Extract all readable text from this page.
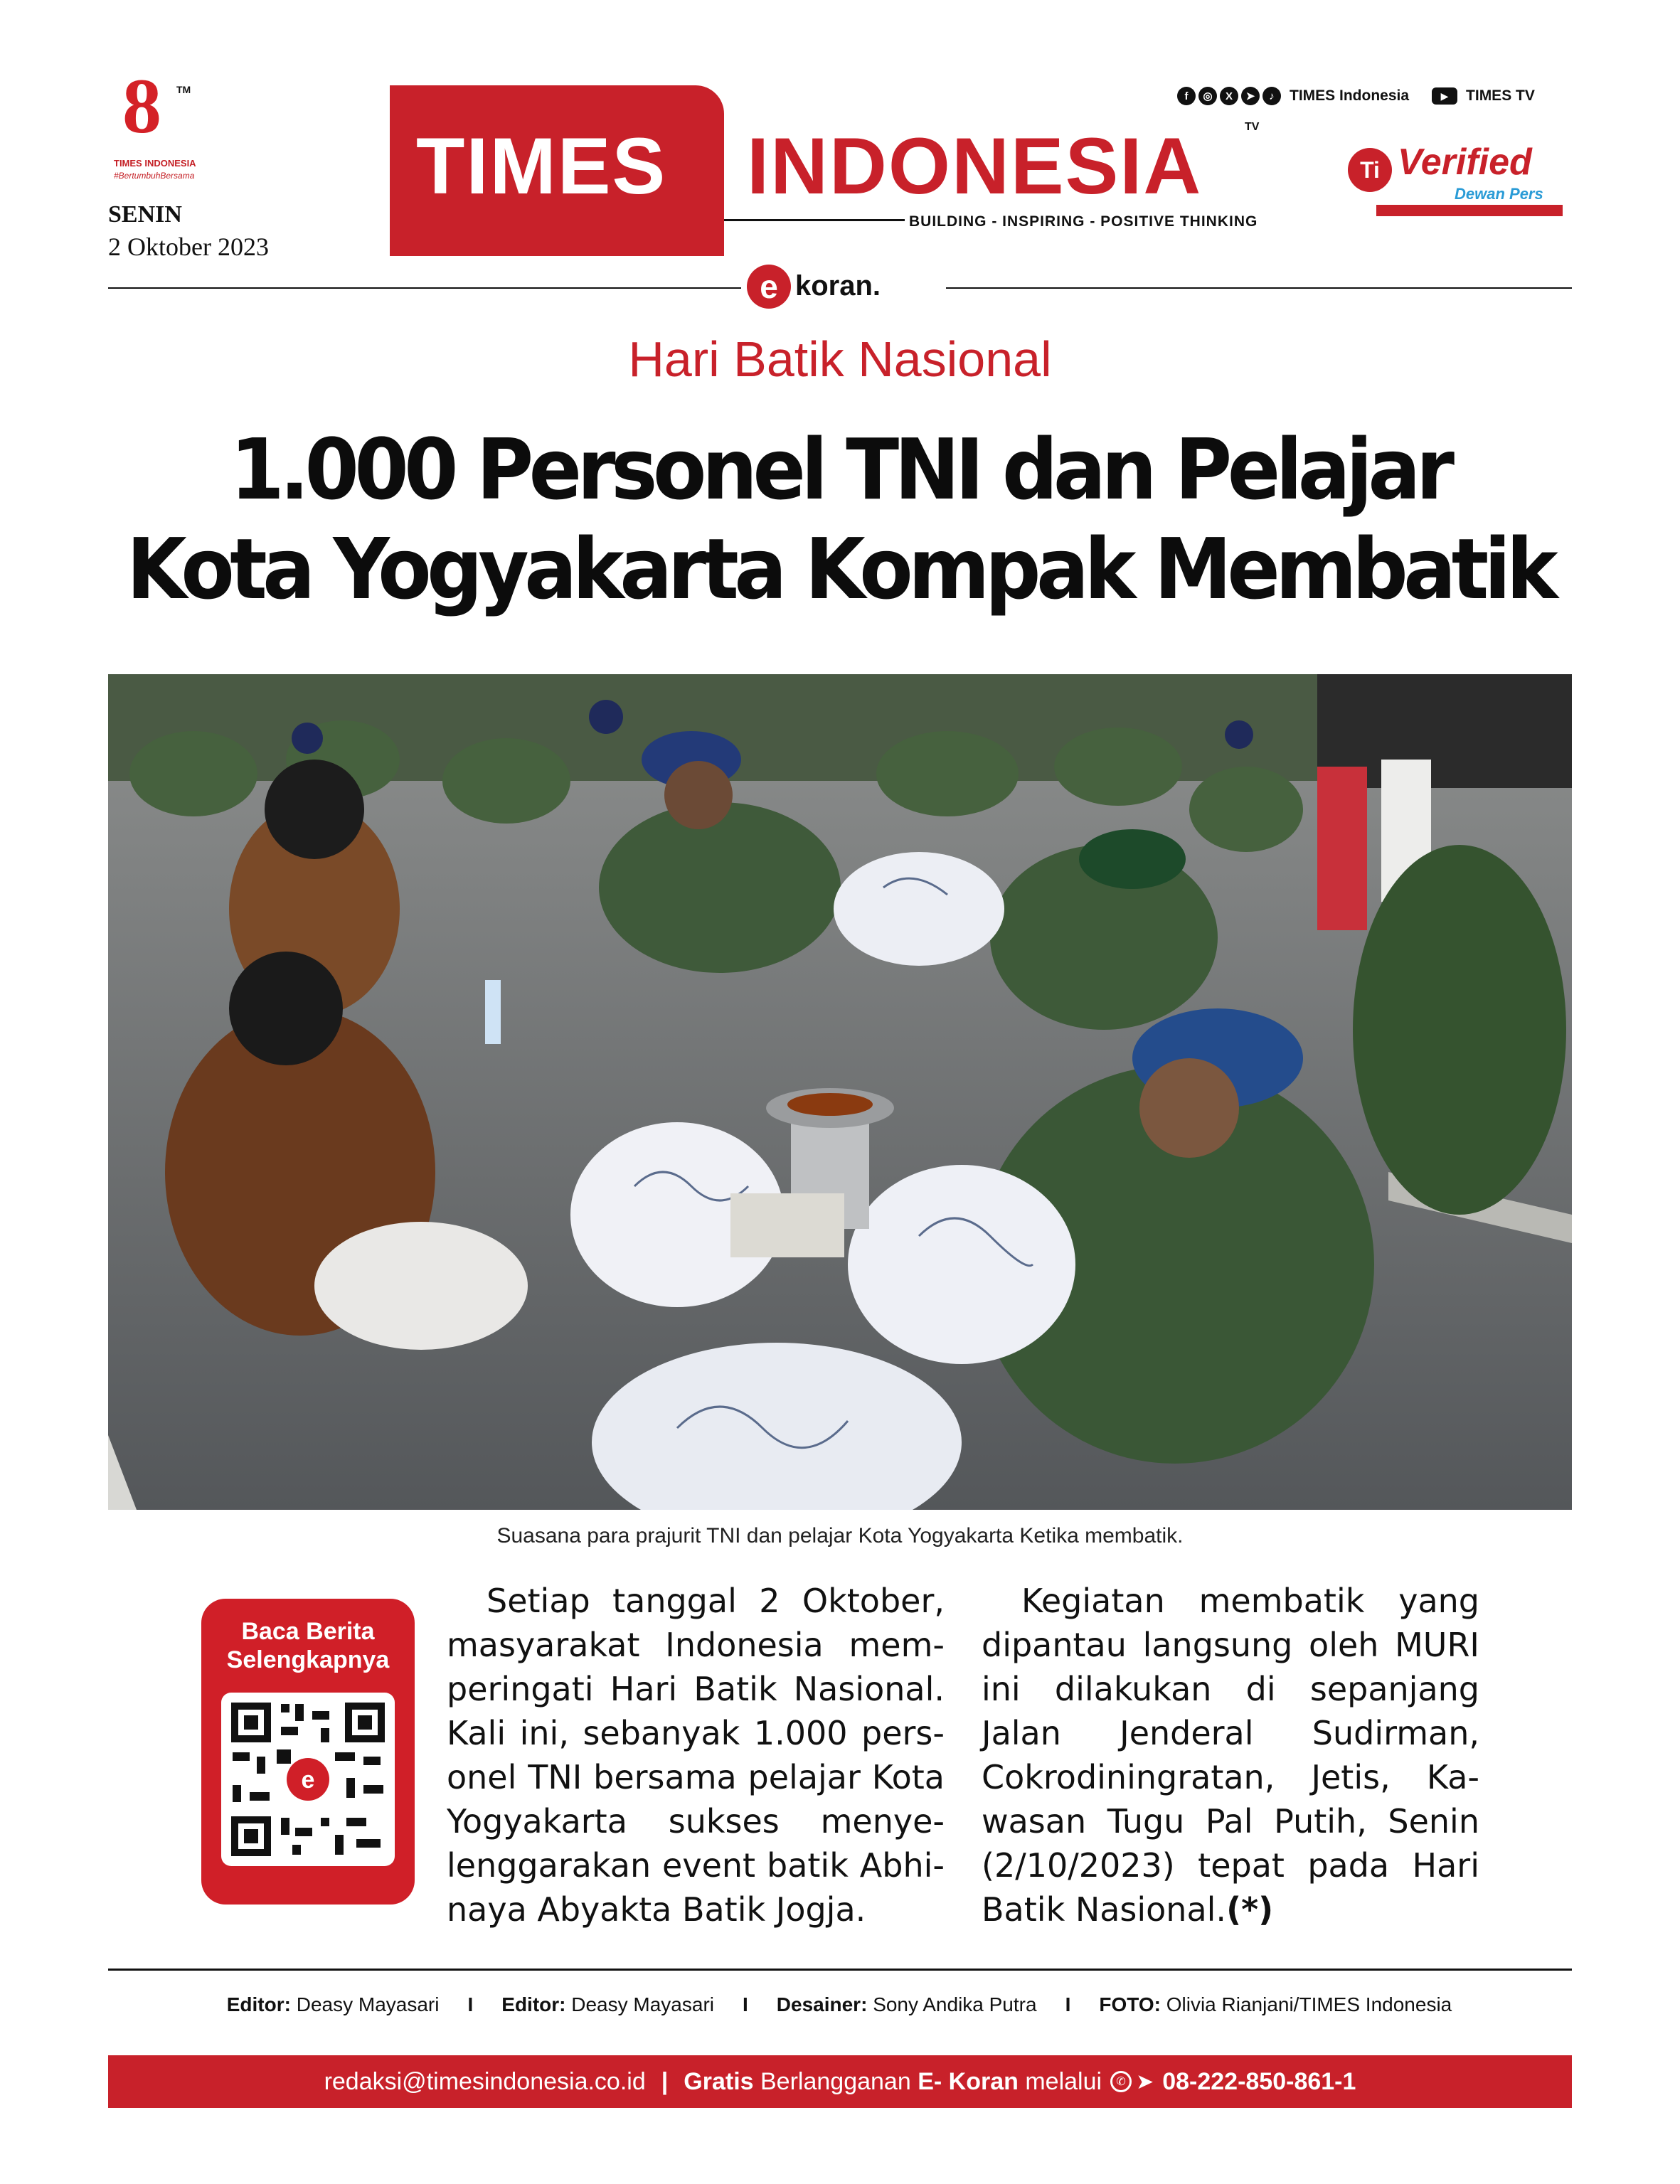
8 TM
TIMES INDONESIA
#BertumbuhBersama
SENIN
2 Oktober 2023
TIMES INDONESIA	TV
BUILDING - INSPIRING - POSITIVE THINKING
f	◎	X	➤	♪	TIMES Indonesia	▶	TIMES TV
Ti Verified
Dewan Pers
e koran.
Hari Batik Nasional
1.000 Personel TNI dan Pelajar
Kota Yogyakarta Kompak Membatik
Suasana para prajurit TNI dan pelajar Kota Yogyakarta Ketika membatik.
Baca Berita
Selengkapnya
e
Setiap tanggal 2 Oktober, masyarakat Indonesia memperingati Hari Batik Nasional. Kali ini, sebanyak 1.000 personel TNI bersama pelajar Kota Yogyakarta sukses menyelenggarakan event batik Abhinaya Abyakta Batik Jogja.
Kegiatan membatik yang dipantau langsung oleh MURI ini dilakukan di sepanjang Jalan Jenderal Sudirman, Cokrodiningratan, Jetis, Kawasan Tugu Pal Putih, Senin (2/10/2023) tepat pada Hari Batik Nasional.(*)
Editor: Deasy Mayasari I Editor: Deasy Mayasari I Desainer: Sony Andika Putra I FOTO: Olivia Rianjani/TIMES Indonesia
redaksi@timesindonesia.co.id | Gratis
Berlangganan
E- Koran
melalui	✆ ➤ 08-222-850-861-1
